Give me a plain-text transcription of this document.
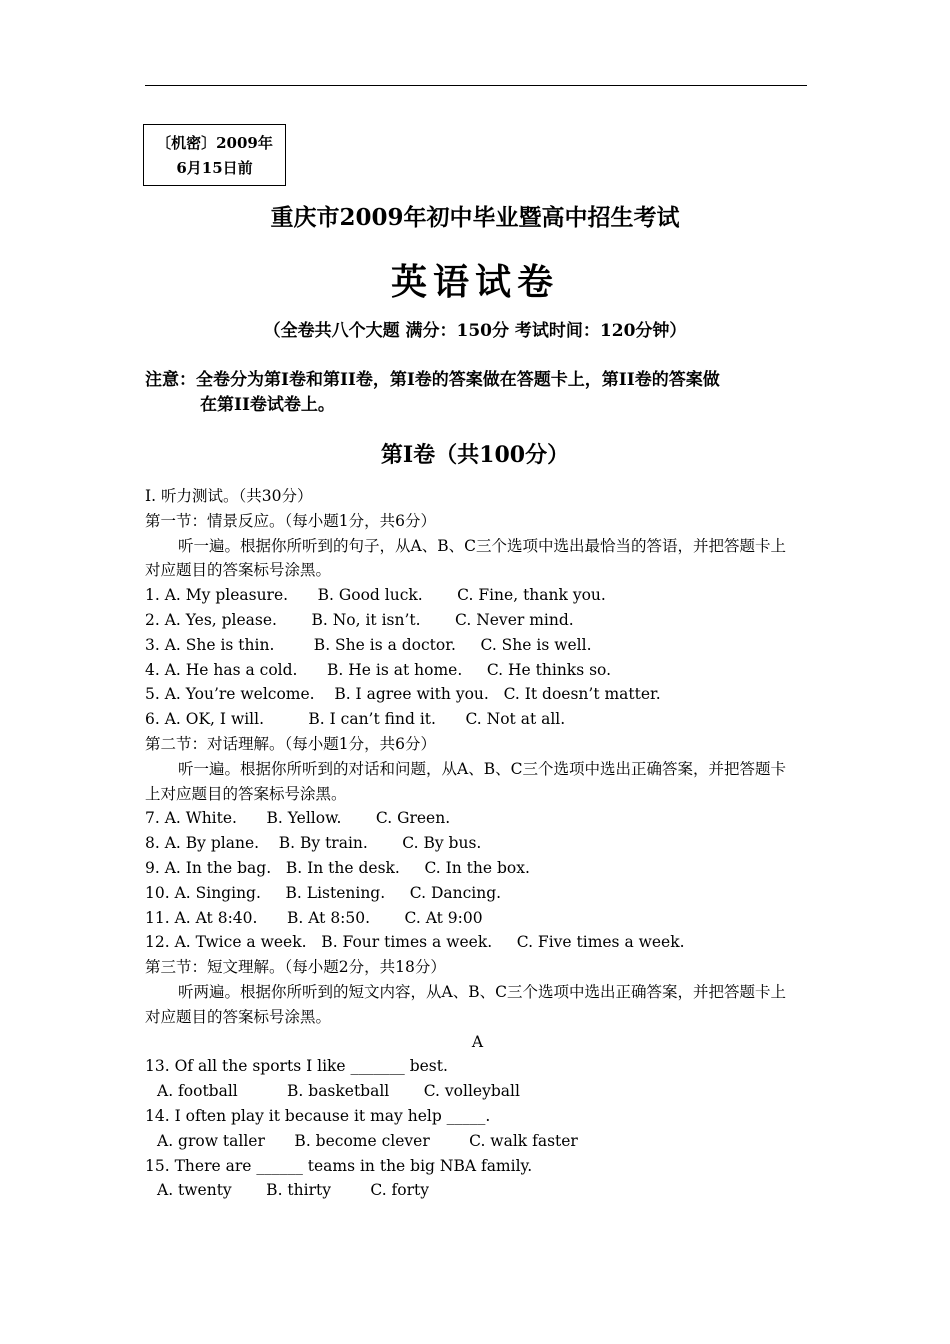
〔机密〕2009年
6月15日前
重庆市2009年初中毕业暨高中招生考试
英语试卷
（全卷共八个大题 满分：150分 考试时间：120分钟）
注意：全卷分为第I卷和第II卷，第I卷的答案做在答题卡上，第II卷的答案做
在第II卷试卷上。
第I卷（共100分）
I. 听力测试。（共30分）
第一节：情景反应。（每小题1分，共6分）
听一遍。根据你所听到的句子，从A、B、C三个选项中选出最恰当的答语，并把答题卡上
对应题目的答案标号涂黑。
1. A. My pleasure.      B. Good luck.       C. Fine, thank you.
2. A. Yes, please.       B. No, it isn’t.       C. Never mind.
3. A. She is thin.        B. She is a doctor.     C. She is well.
4. A. He has a cold.      B. He is at home.     C. He thinks so.
5. A. You’re welcome.    B. I agree with you.   C. It doesn’t matter.
6. A. OK, I will.         B. I can’t find it.      C. Not at all.
第二节：对话理解。（每小题1分，共6分）
听一遍。根据你所听到的对话和问题，从A、B、C三个选项中选出正确答案，并把答题卡
上对应题目的答案标号涂黑。
7. A. White.      B. Yellow.       C. Green.
8. A. By plane.    B. By train.       C. By bus.
9. A. In the bag.   B. In the desk.     C. In the box.
10. A. Singing.     B. Listening.     C. Dancing.
11. A. At 8:40.      B. At 8:50.       C. At 9:00
12. A. Twice a week.   B. Four times a week.     C. Five times a week.
第三节：短文理解。（每小题2分，共18分）
听两遍。根据你所听到的短文内容，从A、B、C三个选项中选出正确答案，并把答题卡上
对应题目的答案标号涂黑。
A
13. Of all the sports I like _______ best.
A. football          B. basketball       C. volleyball
14. I often play it because it may help _____.
A. grow taller      B. become clever        C. walk faster
15. There are ______ teams in the big NBA family.
A. twenty       B. thirty        C. forty
